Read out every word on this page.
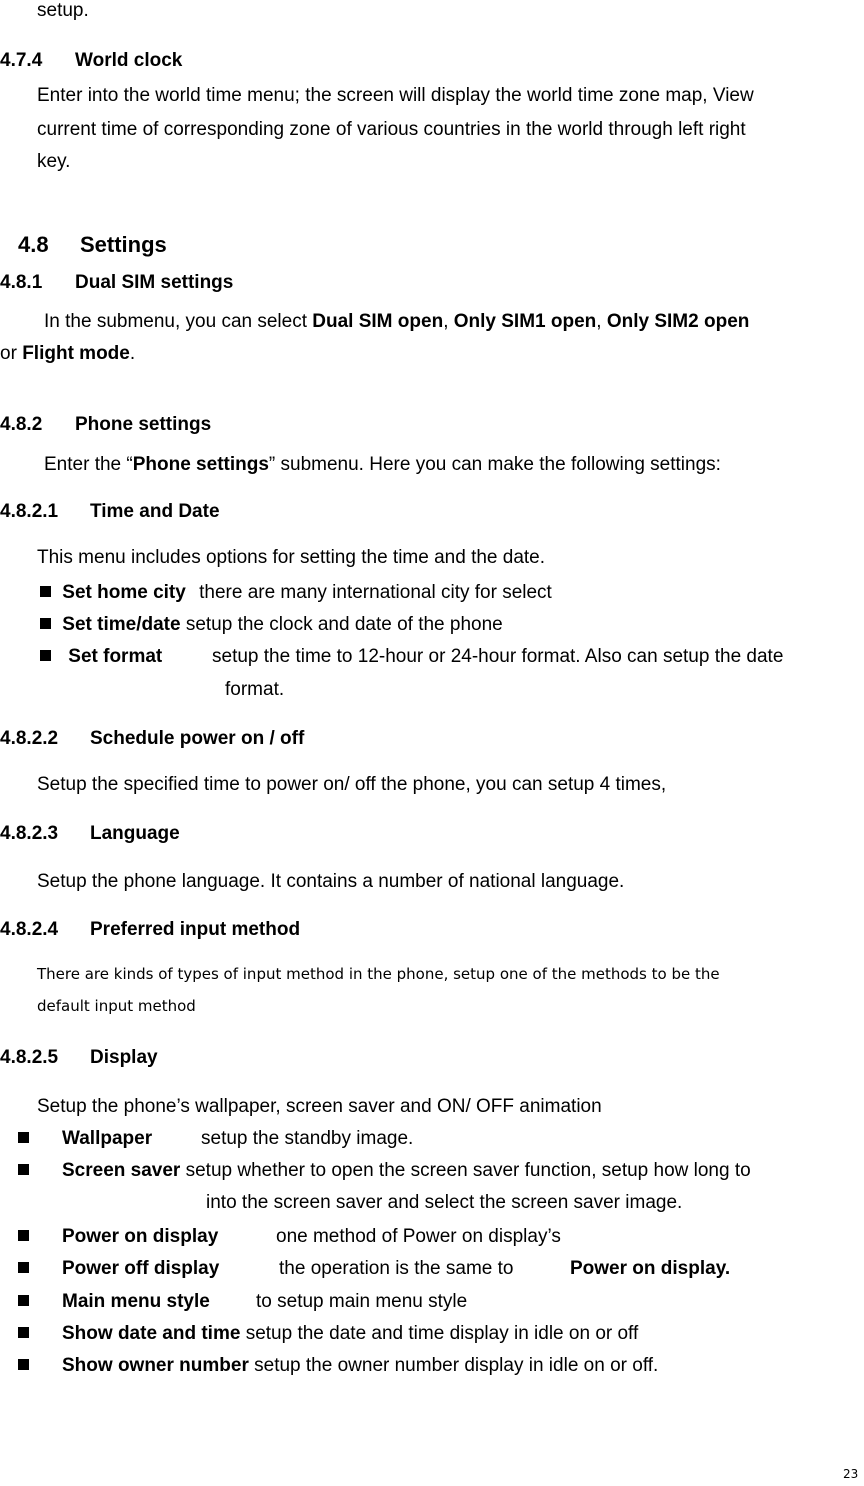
setup.
4.7.4 World clock
Enter into the world time menu; the screen will display the world time zone map, View
current time of corresponding zone of various countries in the world through left right
key.
4.8 Settings
4.8.1 Dual SIM settings
In the submenu, you can select Dual SIM open, Only SIM1 open, Only SIM2 open
or Flight mode.
4.8.2 Phone settings
Enter the “Phone settings” submenu. Here you can make the following settings:
4.8.2.1 Time and Date
This menu includes options for setting the time and the date.
Set home city there are many international city for select
Set time/date setup the clock and date of the phone
Set format	setup the time to 12-hour or 24-hour format. Also can setup the date
format.
4.8.2.2 Schedule power on / off
Setup the specified time to power on/ off the phone, you can setup 4 times,
4.8.2.3 Language
Setup the phone language. It contains a number of national language.
4.8.2.4 Preferred input method
There are kinds of types of input method in the phone, setup one of the methods to be the
default input method
4.8.2.5 Display
Setup the phone’s wallpaper, screen saver and ON/ OFF animation
Wallpaper	setup the standby image.
Screen saver setup whether to open the screen saver function, setup how long to
into the screen saver and select the screen saver image.
Power on display	one method of Power on display’s
Power off display	the operation is the same to	Power on display.
Main menu style to setup main menu style
Show date and time setup the date and time display in idle on or off
Show owner number setup the owner number display in idle on or off.
23
